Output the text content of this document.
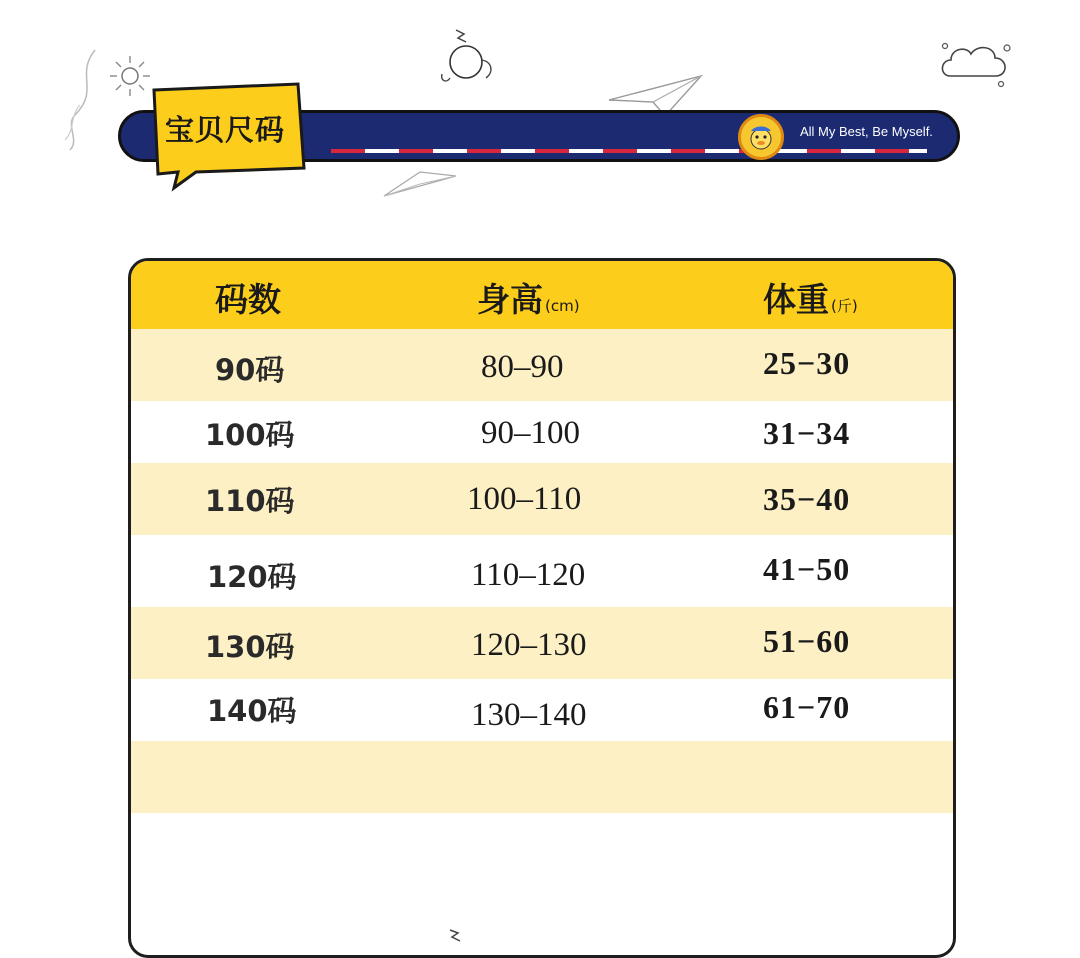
宝贝尺码	All My Best, Be Myself.
码数	身高 (cm)	体重 (斤)
90码	80–90	25−30
100码	90–100	31−34
110码	100–110	35−40
120码	110–120	41−50
130码	120–130	51−60
140码	130–140	61−70
